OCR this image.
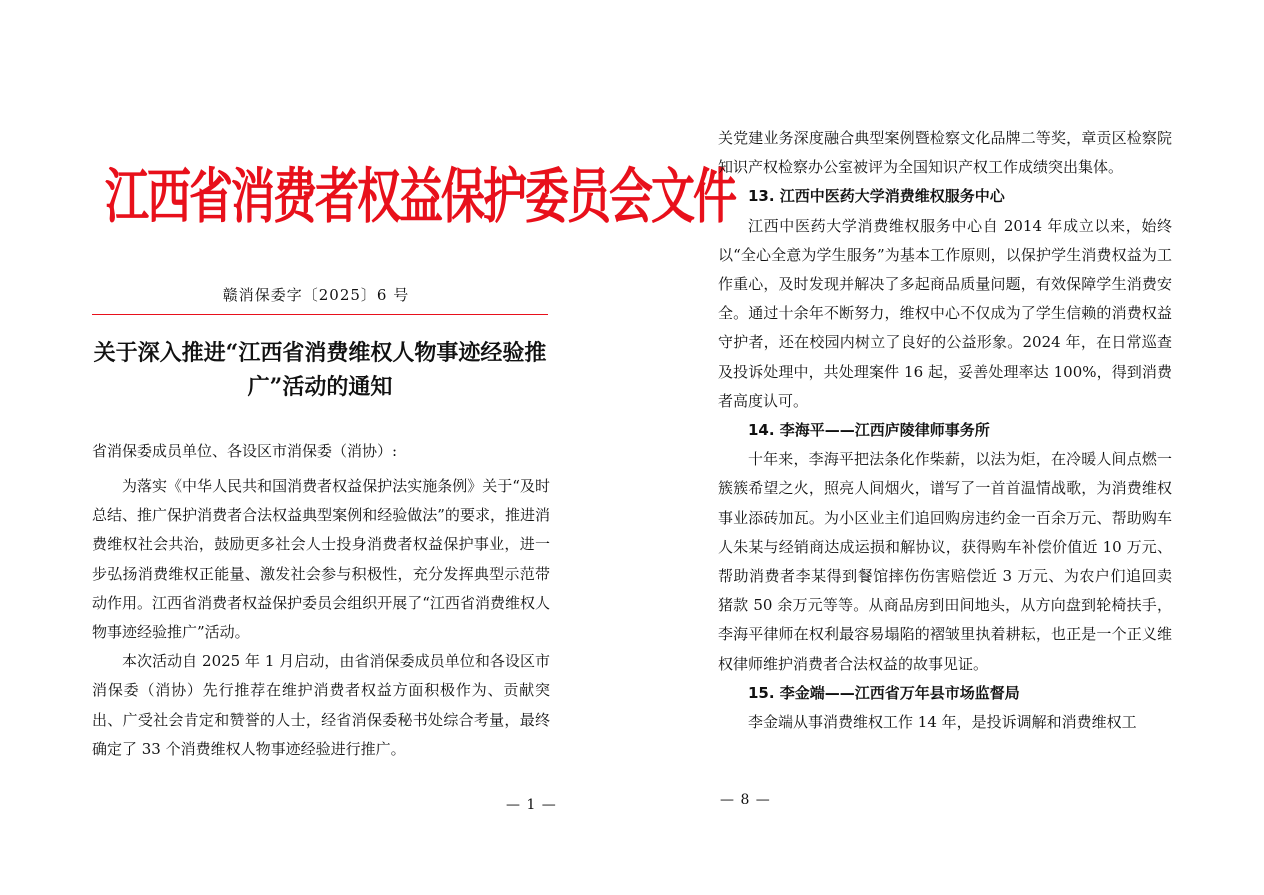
江西省消费者权益保护委员会文件
赣消保委字〔2025〕6 号
关于深入推进“江西省消费维权人物事迹经验推广”活动的通知
省消保委成员单位、各设区市消保委（消协）:

为落实《中华人民共和国消费者权益保护法实施条例》关于“及时总结、推广保护消费者合法权益典型案例和经验做法”的要求，推进消费维权社会共治，鼓励更多社会人士投身消费者权益保护事业，进一步弘扬消费维权正能量、激发社会参与积极性，充分发挥典型示范带动作用。江西省消费者权益保护委员会组织开展了“江西省消费维权人物事迹经验推广”活动。

本次活动自 2025 年 1 月启动，由省消保委成员单位和各设区市消保委（消协）先行推荐在维护消费者权益方面积极作为、贡献突出、广受社会肯定和赞誉的人士，经省消保委秘书处综合考量，最终确定了 33 个消费维权人物事迹经验进行推广。

— 1 —

关党建业务深度融合典型案例暨检察文化品牌二等奖，章贡区检察院知识产权检察办公室被评为全国知识产权工作成绩突出集体。

13. 江西中医药大学消费维权服务中心

江西中医药大学消费维权服务中心自 2014 年成立以来，始终以“全心全意为学生服务”为基本工作原则，以保护学生消费权益为工作重心，及时发现并解决了多起商品质量问题，有效保障学生消费安全。通过十余年不断努力，维权中心不仅成为了学生信赖的消费权益守护者，还在校园内树立了良好的公益形象。2024 年，在日常巡查及投诉处理中，共处理案件 16 起，妥善处理率达 100%，得到消费者高度认可。

14. 李海平——江西庐陵律师事务所

十年来，李海平把法条化作柴薪，以法为炬，在冷暖人间点燃一簇簇希望之火，照亮人间烟火，谱写了一首首温情战歌，为消费维权事业添砖加瓦。为小区业主们追回购房违约金一百余万元、帮助购车人朱某与经销商达成运损和解协议，获得购车补偿价值近 10 万元、帮助消费者李某得到餐馆摔伤伤害赔偿近 3 万元、为农户们追回卖猪款 50 余万元等等。从商品房到田间地头，从方向盘到轮椅扶手，李海平律师在权利最容易塌陷的褶皱里执着耕耘，也正是一个正义维权律师维护消费者合法权益的故事见证。

15. 李金端——江西省万年县市场监督局

李金端从事消费维权工作 14 年，是投诉调解和消费维权工

— 8 —
